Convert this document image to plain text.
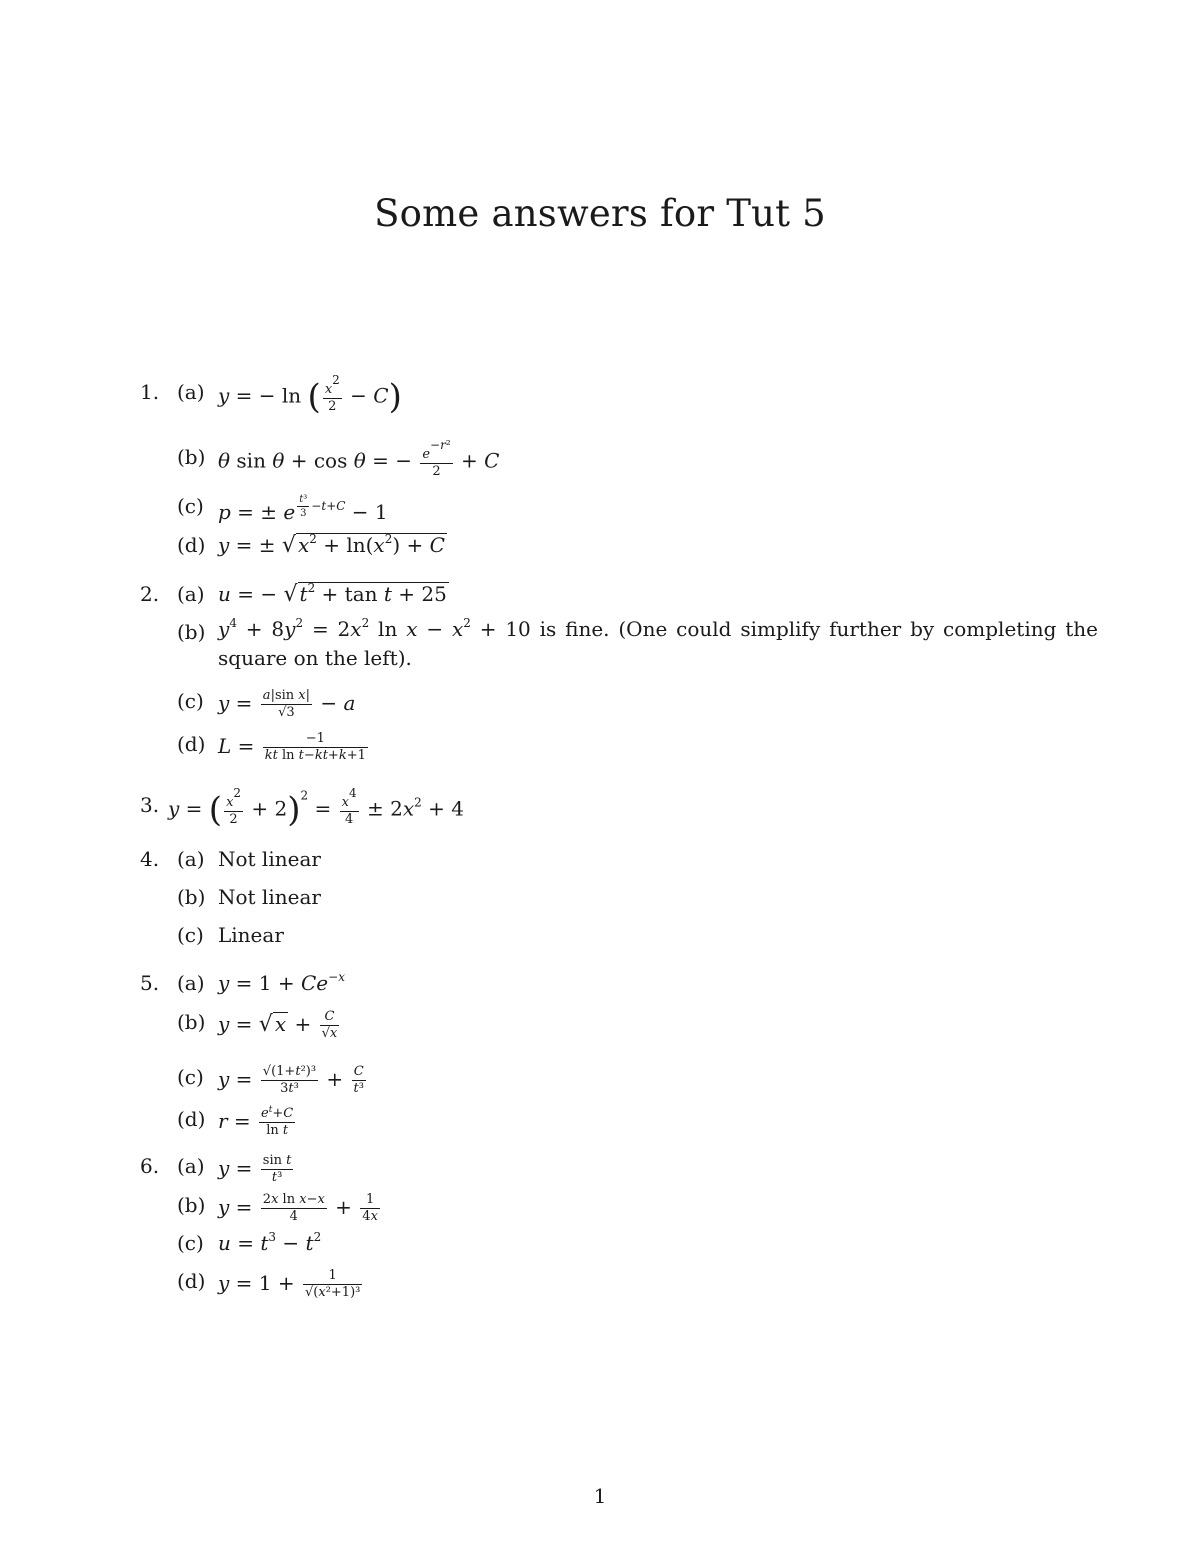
Some answers for Tut 5
1. (a) y = − ln ( $\frac{x^2}{2} - C$)
(b) θ sin θ + cos θ = − $\frac{e^{-r^2}}{2} + C$
(c) p = ± e $^{\frac{\text{t³}}{3} -t+C}$ − 1
(d) y = ± √ $x^2 + \ln(x^2) + C$
2. (a) u = − √ $t^2 + \tan t + 25$
(b) $y^4 + 8y^2 = 2x^2$ $\ln x - x^2 + 10$ is fine. (One could simplify further by completing the square on the left).
(c) $y = \frac{\text{a|sin x|}}{√3} - a$
(d) $L = \frac{-1}{\text{kt ln t−kt+k+1}}$
3. y = ( $\frac{x^2}{2} + 2)^2 = \frac{x^4}{4} \pm 2x^2 + 4$
4. (a) Not linear
(b) Not linear
(c) Linear
5. (a) $y = 1 + Ce^{-x}$
(b) y = √ $x + \frac{C}{√x}$
(c) $y = \frac{\text{√(1+t²)³}}{\text{3t³}} + \frac{C}{\text{t³}}$
(d) $r = \frac{e^t+C}{\text{ln t}}$
6. (a) $y = \frac{\text{sin t}}{\text{t³}}$
(b) $y = \frac{\text{2x ln x−x}}{4} + \frac{1}{4x}$
(c) $u = t^3 - t^2$
(d) $y = 1 + \frac{1}{\text{√(x²+1)³}}$
1
